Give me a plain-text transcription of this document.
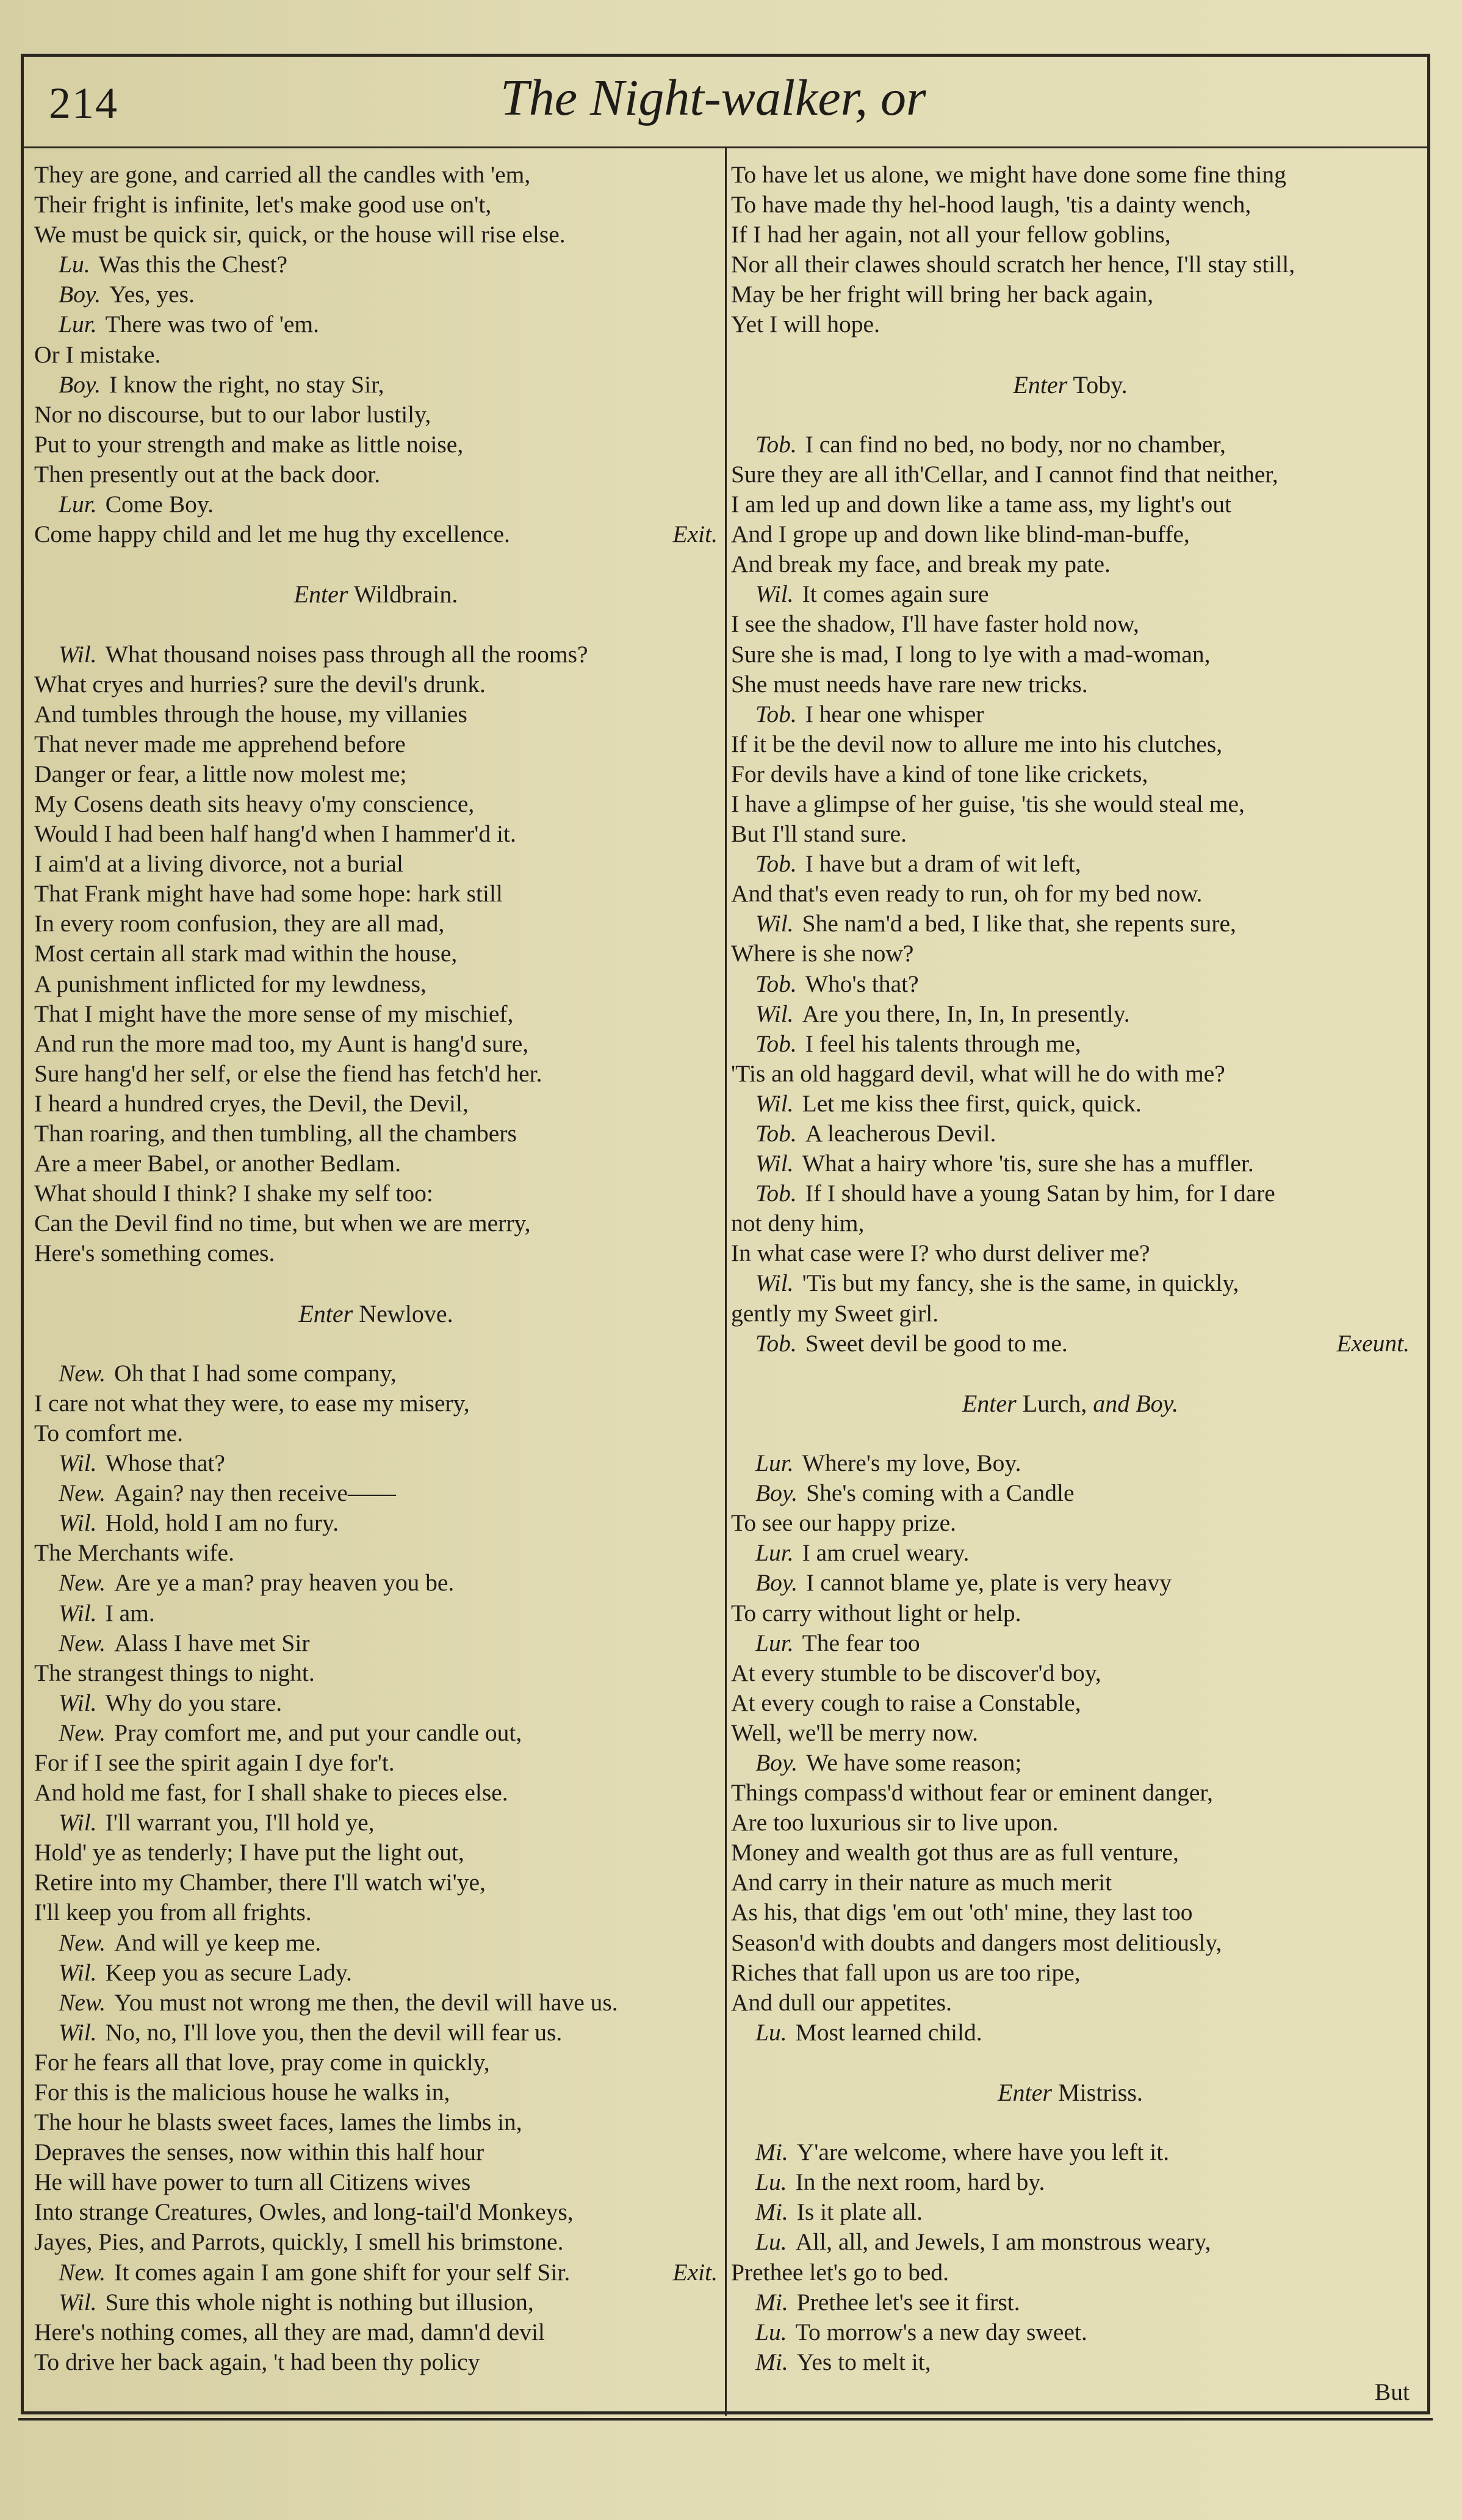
214	The Night-walker, or
They are gone, and carried all the candles with 'em,
Their fright is infinite, let's make good use on't,
We must be quick sir, quick, or the house will rise else.
Lu. Was this the Chest?
Boy. Yes, yes.
Lur. There was two of 'em.
Or I mistake.
Boy. I know the right, no stay Sir,
Nor no discourse, but to our labor lustily,
Put to your strength and make as little noise,
Then presently out at the back door.
Lur. Come Boy.
Come happy child and let me hug thy excellence.	Exit.
Enter Wildbrain.
Wil. What thousand noises pass through all the rooms?
What cryes and hurries? sure the devil's drunk.
And tumbles through the house, my villanies
That never made me apprehend before
Danger or fear, a little now molest me;
My Cosens death sits heavy o'my conscience,
Would I had been half hang'd when I hammer'd it.
I aim'd at a living divorce, not a burial
That Frank might have had some hope: hark still
In every room confusion, they are all mad,
Most certain all stark mad within the house,
A punishment inflicted for my lewdness,
That I might have the more sense of my mischief,
And run the more mad too, my Aunt is hang'd sure,
Sure hang'd her self, or else the fiend has fetch'd her.
I heard a hundred cryes, the Devil, the Devil,
Than roaring, and then tumbling, all the chambers
Are a meer Babel, or another Bedlam.
What should I think? I shake my self too:
Can the Devil find no time, but when we are merry,
Here's something comes.
Enter Newlove.
New. Oh that I had some company,
I care not what they were, to ease my misery,
To comfort me.
Wil. Whose that?
New. Again? nay then receive——
Wil. Hold, hold I am no fury.
The Merchants wife.
New. Are ye a man? pray heaven you be.
Wil. I am.
New. Alass I have met Sir
The strangest things to night.
Wil. Why do you stare.
New. Pray comfort me, and put your candle out,
For if I see the spirit again I dye for't.
And hold me fast, for I shall shake to pieces else.
Wil. I'll warrant you, I'll hold ye,
Hold' ye as tenderly; I have put the light out,
Retire into my Chamber, there I'll watch wi'ye,
I'll keep you from all frights.
New. And will ye keep me.
Wil. Keep you as secure Lady.
New. You must not wrong me then, the devil will have us.
Wil. No, no, I'll love you, then the devil will fear us.
For he fears all that love, pray come in quickly,
For this is the malicious house he walks in,
The hour he blasts sweet faces, lames the limbs in,
Depraves the senses, now within this half hour
He will have power to turn all Citizens wives
Into strange Creatures, Owles, and long-tail'd Monkeys,
Jayes, Pies, and Parrots, quickly, I smell his brimstone.
New. It comes again I am gone shift for your self Sir.	Exit.
Wil. Sure this whole night is nothing but illusion,
Here's nothing comes, all they are mad, damn'd devil
To drive her back again, 't had been thy policy
To have let us alone, we might have done some fine thing
To have made thy hel-hood laugh, 'tis a dainty wench,
If I had her again, not all your fellow goblins,
Nor all their clawes should scratch her hence, I'll stay still,
May be her fright will bring her back again,
Yet I will hope.
Enter Toby.
Tob. I can find no bed, no body, nor no chamber,
Sure they are all ith'Cellar, and I cannot find that neither,
I am led up and down like a tame ass, my light's out
And I grope up and down like blind-man-buffe,
And break my face, and break my pate.
Wil. It comes again sure
I see the shadow, I'll have faster hold now,
Sure she is mad, I long to lye with a mad-woman,
She must needs have rare new tricks.
Tob. I hear one whisper
If it be the devil now to allure me into his clutches,
For devils have a kind of tone like crickets,
I have a glimpse of her guise, 'tis she would steal me,
But I'll stand sure.
Tob. I have but a dram of wit left,
And that's even ready to run, oh for my bed now.
Wil. She nam'd a bed, I like that, she repents sure,
Where is she now?
Tob. Who's that?
Wil. Are you there, In, In, In presently.
Tob. I feel his talents through me,
'Tis an old haggard devil, what will he do with me?
Wil. Let me kiss thee first, quick, quick.
Tob. A leacherous Devil.
Wil. What a hairy whore 'tis, sure she has a muffler.
Tob. If I should have a young Satan by him, for I dare
not deny him,
In what case were I? who durst deliver me?
Wil. 'Tis but my fancy, she is the same, in quickly,
gently my Sweet girl.
Tob. Sweet devil be good to me.	Exeunt.
Enter Lurch, and Boy.
Lur. Where's my love, Boy.
Boy. She's coming with a Candle
To see our happy prize.
Lur. I am cruel weary.
Boy. I cannot blame ye, plate is very heavy
To carry without light or help.
Lur. The fear too
At every stumble to be discover'd boy,
At every cough to raise a Constable,
Well, we'll be merry now.
Boy. We have some reason;
Things compass'd without fear or eminent danger,
Are too luxurious sir to live upon.
Money and wealth got thus are as full venture,
And carry in their nature as much merit
As his, that digs 'em out 'oth' mine, they last too
Season'd with doubts and dangers most delitiously,
Riches that fall upon us are too ripe,
And dull our appetites.
Lu. Most learned child.
Enter Mistriss.
Mi. Y'are welcome, where have you left it.
Lu. In the next room, hard by.
Mi. Is it plate all.
Lu. All, all, and Jewels, I am monstrous weary,
Prethee let's go to bed.
Mi. Prethee let's see it first.
Lu. To morrow's a new day sweet.
Mi. Yes to melt it,
But
